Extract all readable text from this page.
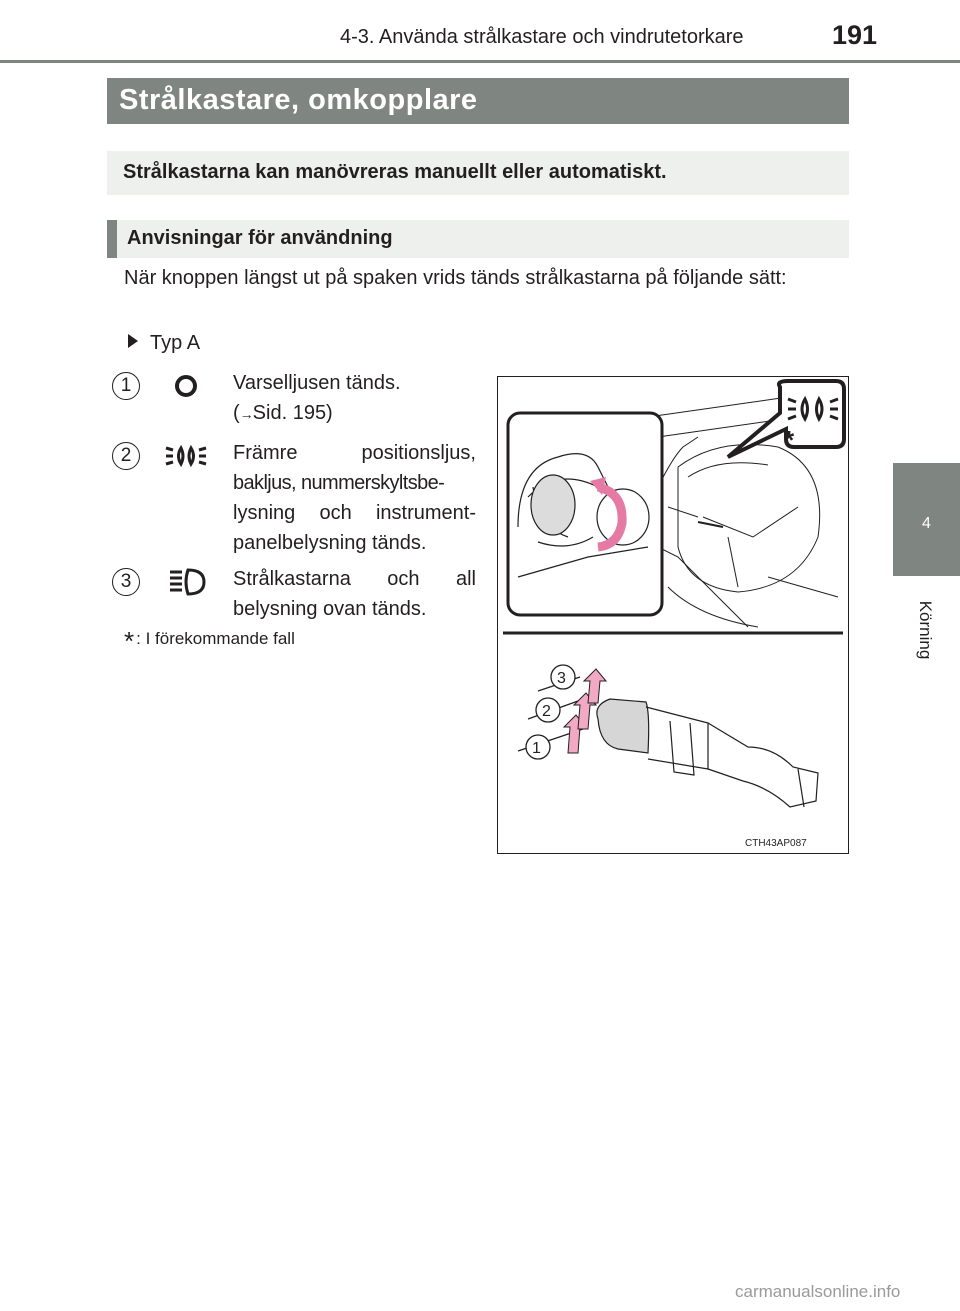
4-3. Använda strålkastare och vindrutetorkare	191
4
Körning
Strålkastare, omkopplare
Strålkastarna kan manövreras manuellt eller automatiskt.
Anvisningar för användning
När knoppen längst ut på spaken vrids tänds strålkastarna på följande sätt:
Typ A
1	Varselljusen tänds.
(→Sid. 195)
2	Främre	positionsljus,
bakljus, nummerskyltsbe-
lysning och instrument-
panelbelysning tänds.
3	Strålkastarna och all
belysning ovan tänds.
* : I förekommande fall
*
3
2
1
CTH43AP087
carmanualsonline.info
